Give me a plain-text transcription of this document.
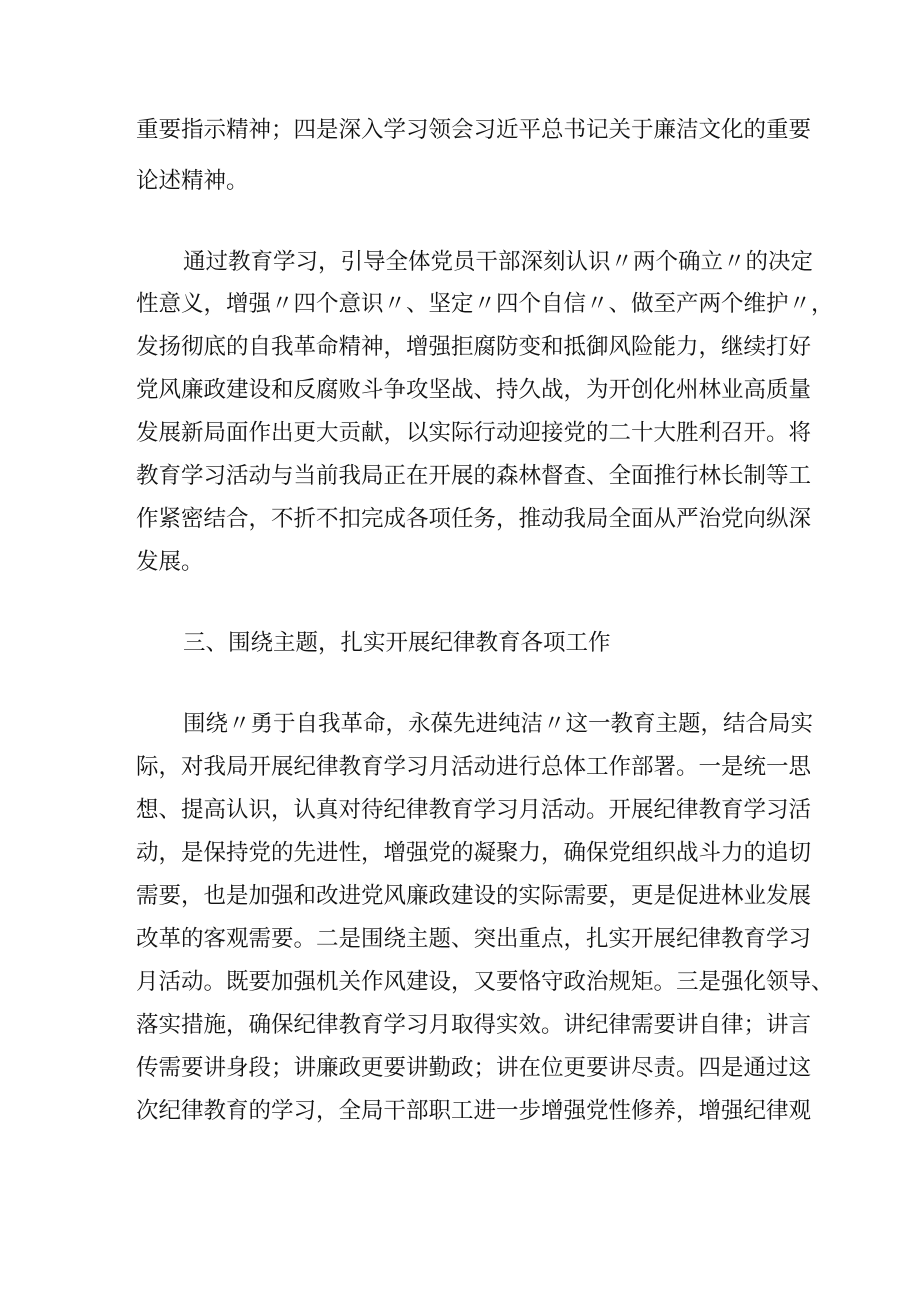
重要指示精神；四是深入学习领会习近平总书记关于廉洁文化的重要

论述精神。

通过教育学习，引导全体党员干部深刻认识〃两个确立〃的决定

性意义，增强〃四个意识〃、坚定〃四个自信〃、做至产两个维护〃，

发扬彻底的自我革命精神，增强拒腐防变和抵御风险能力，继续打好

党风廉政建设和反腐败斗争攻坚战、持久战，为开创化州林业高质量

发展新局面作出更大贡献，以实际行动迎接党的二十大胜利召开。将

教育学习活动与当前我局正在开展的森林督查、全面推行林长制等工

作紧密结合，不折不扣完成各项任务，推动我局全面从严治党向纵深

发展。

三、围绕主题，扎实开展纪律教育各项工作

围绕〃勇于自我革命，永葆先进纯洁〃这一教育主题，结合局实

际，对我局开展纪律教育学习月活动进行总体工作部署。一是统一思

想、提高认识，认真对待纪律教育学习月活动。开展纪律教育学习活

动，是保持党的先进性，增强党的凝聚力，确保党组织战斗力的追切

需要，也是加强和改进党风廉政建设的实际需要，更是促进林业发展

改革的客观需要。二是围绕主题、突出重点，扎实开展纪律教育学习

月活动。既要加强机关作风建设，又要恪守政治规矩。三是强化领导、

落实措施，确保纪律教育学习月取得实效。讲纪律需要讲自律；讲言

传需要讲身段；讲廉政更要讲勤政；讲在位更要讲尽责。四是通过这

次纪律教育的学习，全局干部职工进一步增强党性修养，增强纪律观
